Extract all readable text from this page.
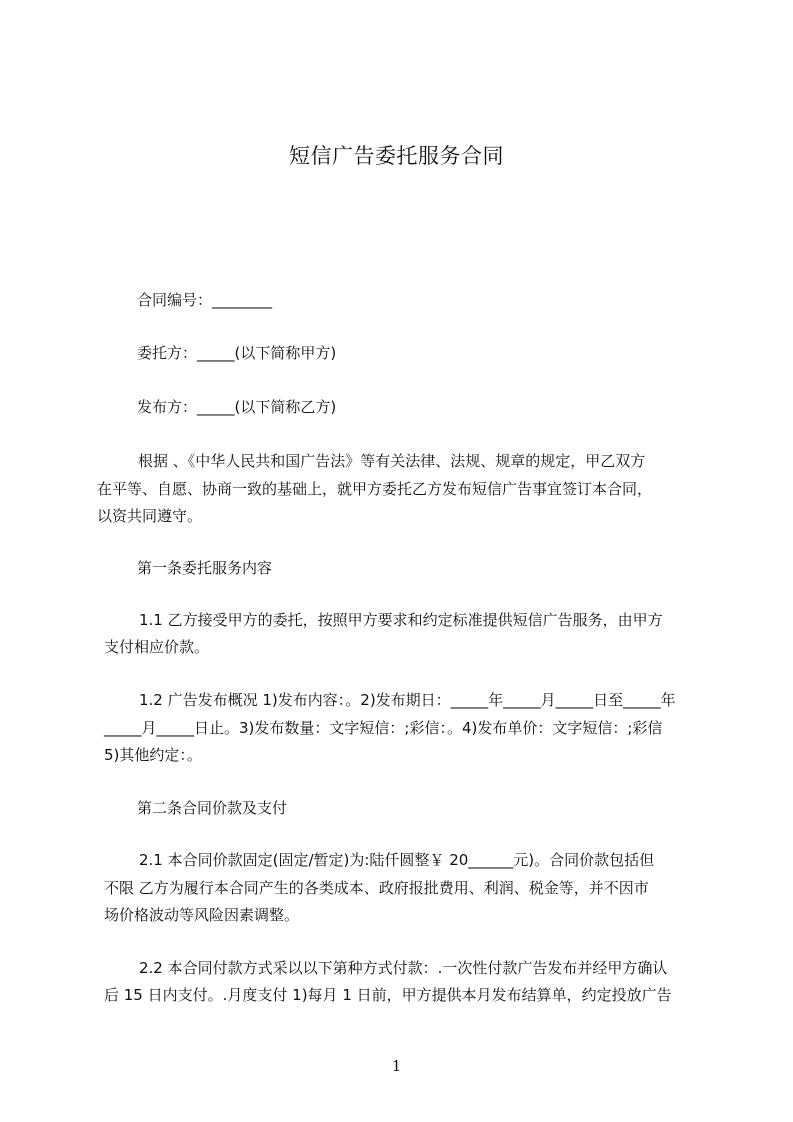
短信广告委托服务合同
合同编号：________
委托方：_____(以下简称甲方)
发布方：_____(以下简称乙方)
根据 、《中华人民共和国广告法》等有关法律、法规、规章的规定，甲乙双方
在平等、自愿、协商一致的基础上，就甲方委托乙方发布短信广告事宜签订本合同，
以资共同遵守。
第一条委托服务内容
1.1 乙方接受甲方的委托，按照甲方要求和约定标准提供短信广告服务，由甲方
支付相应价款。
1.2 广告发布概况 1)发布内容：。2)发布期日：_____年_____月_____日至_____年
_____月_____日止。3)发布数量：文字短信：;彩信：。4)发布单价：文字短信：;彩信
5)其他约定：。
第二条合同价款及支付
2.1 本合同价款固定(固定/暂定)为:陆仟圆整￥ 20______元)。合同价款包括但
不限 乙方为履行本合同产生的各类成本、政府报批费用、利润、税金等，并不因市
场价格波动等风险因素调整。
2.2 本合同付款方式采以以下第种方式付款：.一次性付款广告发布并经甲方确认
后 15 日内支付。.月度支付 1)每月 1 日前，甲方提供本月发布结算单，约定投放广告
1
